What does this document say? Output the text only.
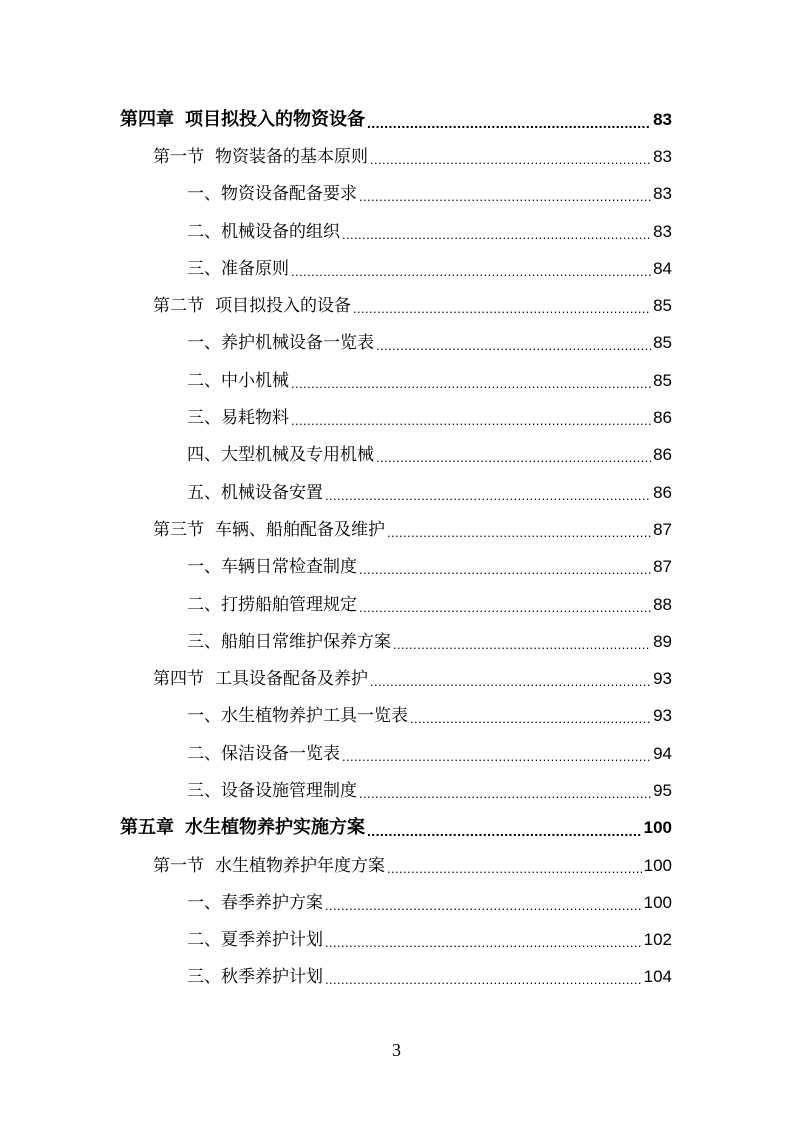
第四章 项目拟投入的物资设备 .....	83
第一节 物资装备的基本原则 .....	83
一、物资设备配备要求 .....	83
二、机械设备的组织 .....	83
三、准备原则 .....	84
第二节 项目拟投入的设备 .....	85
一、养护机械设备一览表 .....	85
二、中小机械 .....	85
三、易耗物料 .....	86
四、大型机械及专用机械 .....	86
五、机械设备安置 .....	86
第三节 车辆、船舶配备及维护 .....	87
一、车辆日常检查制度 .....	87
二、打捞船舶管理规定 .....	88
三、船舶日常维护保养方案 .....	89
第四节 工具设备配备及养护 .....	93
一、水生植物养护工具一览表 .....	93
二、保洁设备一览表 .....	94
三、设备设施管理制度 .....	95
第五章 水生植物养护实施方案 .....	100
第一节 水生植物养护年度方案 .....	100
一、春季养护方案 .....	100
二、夏季养护计划 .....	102
三、秋季养护计划 .....	104
3
